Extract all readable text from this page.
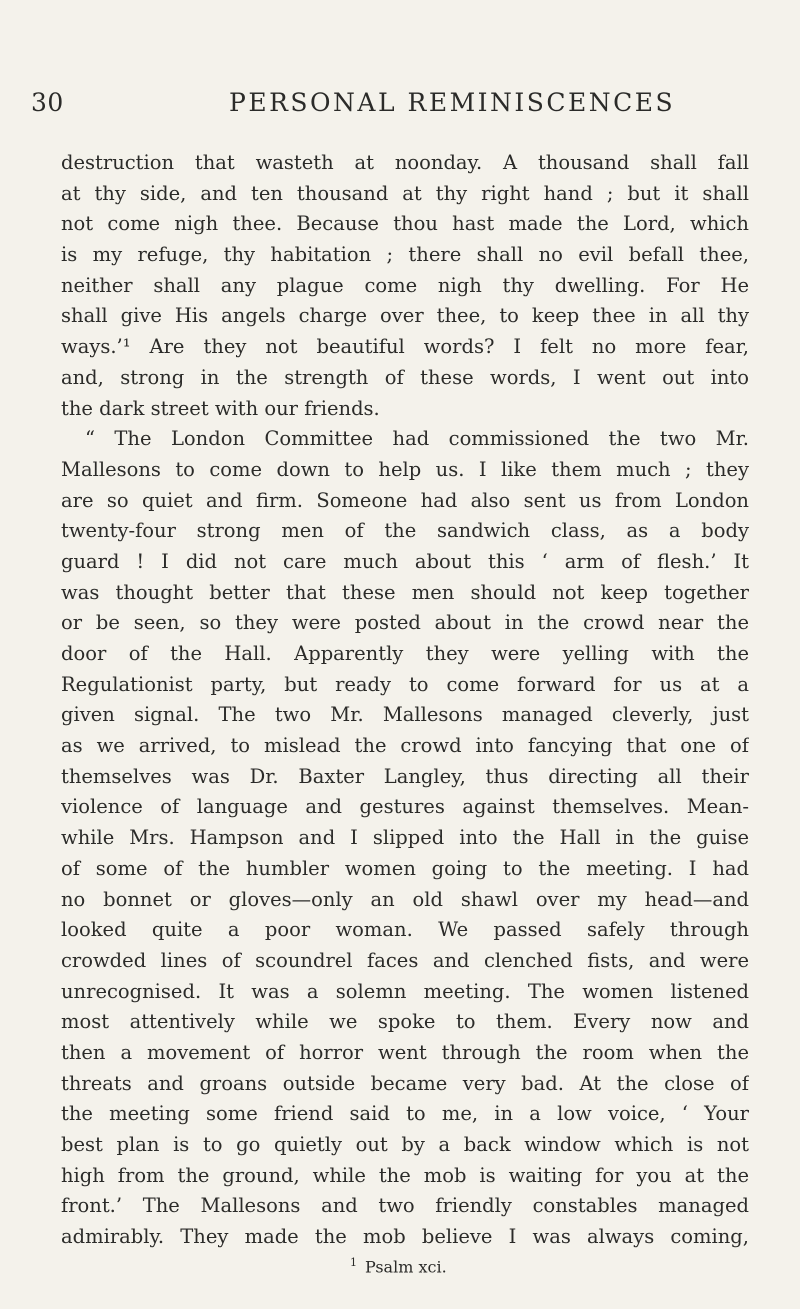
30	PERSONAL REMINISCENCES
destruction that wasteth at noonday. A thousand shall fall
at thy side, and ten thousand at thy right hand ; but it shall
not come nigh thee. Because thou hast made the Lord, which
is my refuge, thy habitation ; there shall no evil befall thee,
neither shall any plague come nigh thy dwelling. For He
shall give His angels charge over thee, to keep thee in all thy
ways.’¹ Are they not beautiful words? I felt no more fear,
and, strong in the strength of these words, I went out into
the dark street with our friends.
“ The London Committee had commissioned the two Mr.
Mallesons to come down to help us. I like them much ; they
are so quiet and firm. Someone had also sent us from London
twenty-four strong men of the sandwich class, as a body
guard ! I did not care much about this ‘ arm of flesh.’ It
was thought better that these men should not keep together
or be seen, so they were posted about in the crowd near the
door of the Hall. Apparently they were yelling with the
Regulationist party, but ready to come forward for us at a
given signal. The two Mr. Mallesons managed cleverly, just
as we arrived, to mislead the crowd into fancying that one of
themselves was Dr. Baxter Langley, thus directing all their
violence of language and gestures against themselves. Mean-
while Mrs. Hampson and I slipped into the Hall in the guise
of some of the humbler women going to the meeting. I had
no bonnet or gloves—only an old shawl over my head—and
looked quite a poor woman. We passed safely through
crowded lines of scoundrel faces and clenched fists, and were
unrecognised. It was a solemn meeting. The women listened
most attentively while we spoke to them. Every now and
then a movement of horror went through the room when the
threats and groans outside became very bad. At the close of
the meeting some friend said to me, in a low voice, ‘ Your
best plan is to go quietly out by a back window which is not
high from the ground, while the mob is waiting for you at the
front.’ The Mallesons and two friendly constables managed
admirably. They made the mob believe I was always coming,
$^1$ Psalm xci.
